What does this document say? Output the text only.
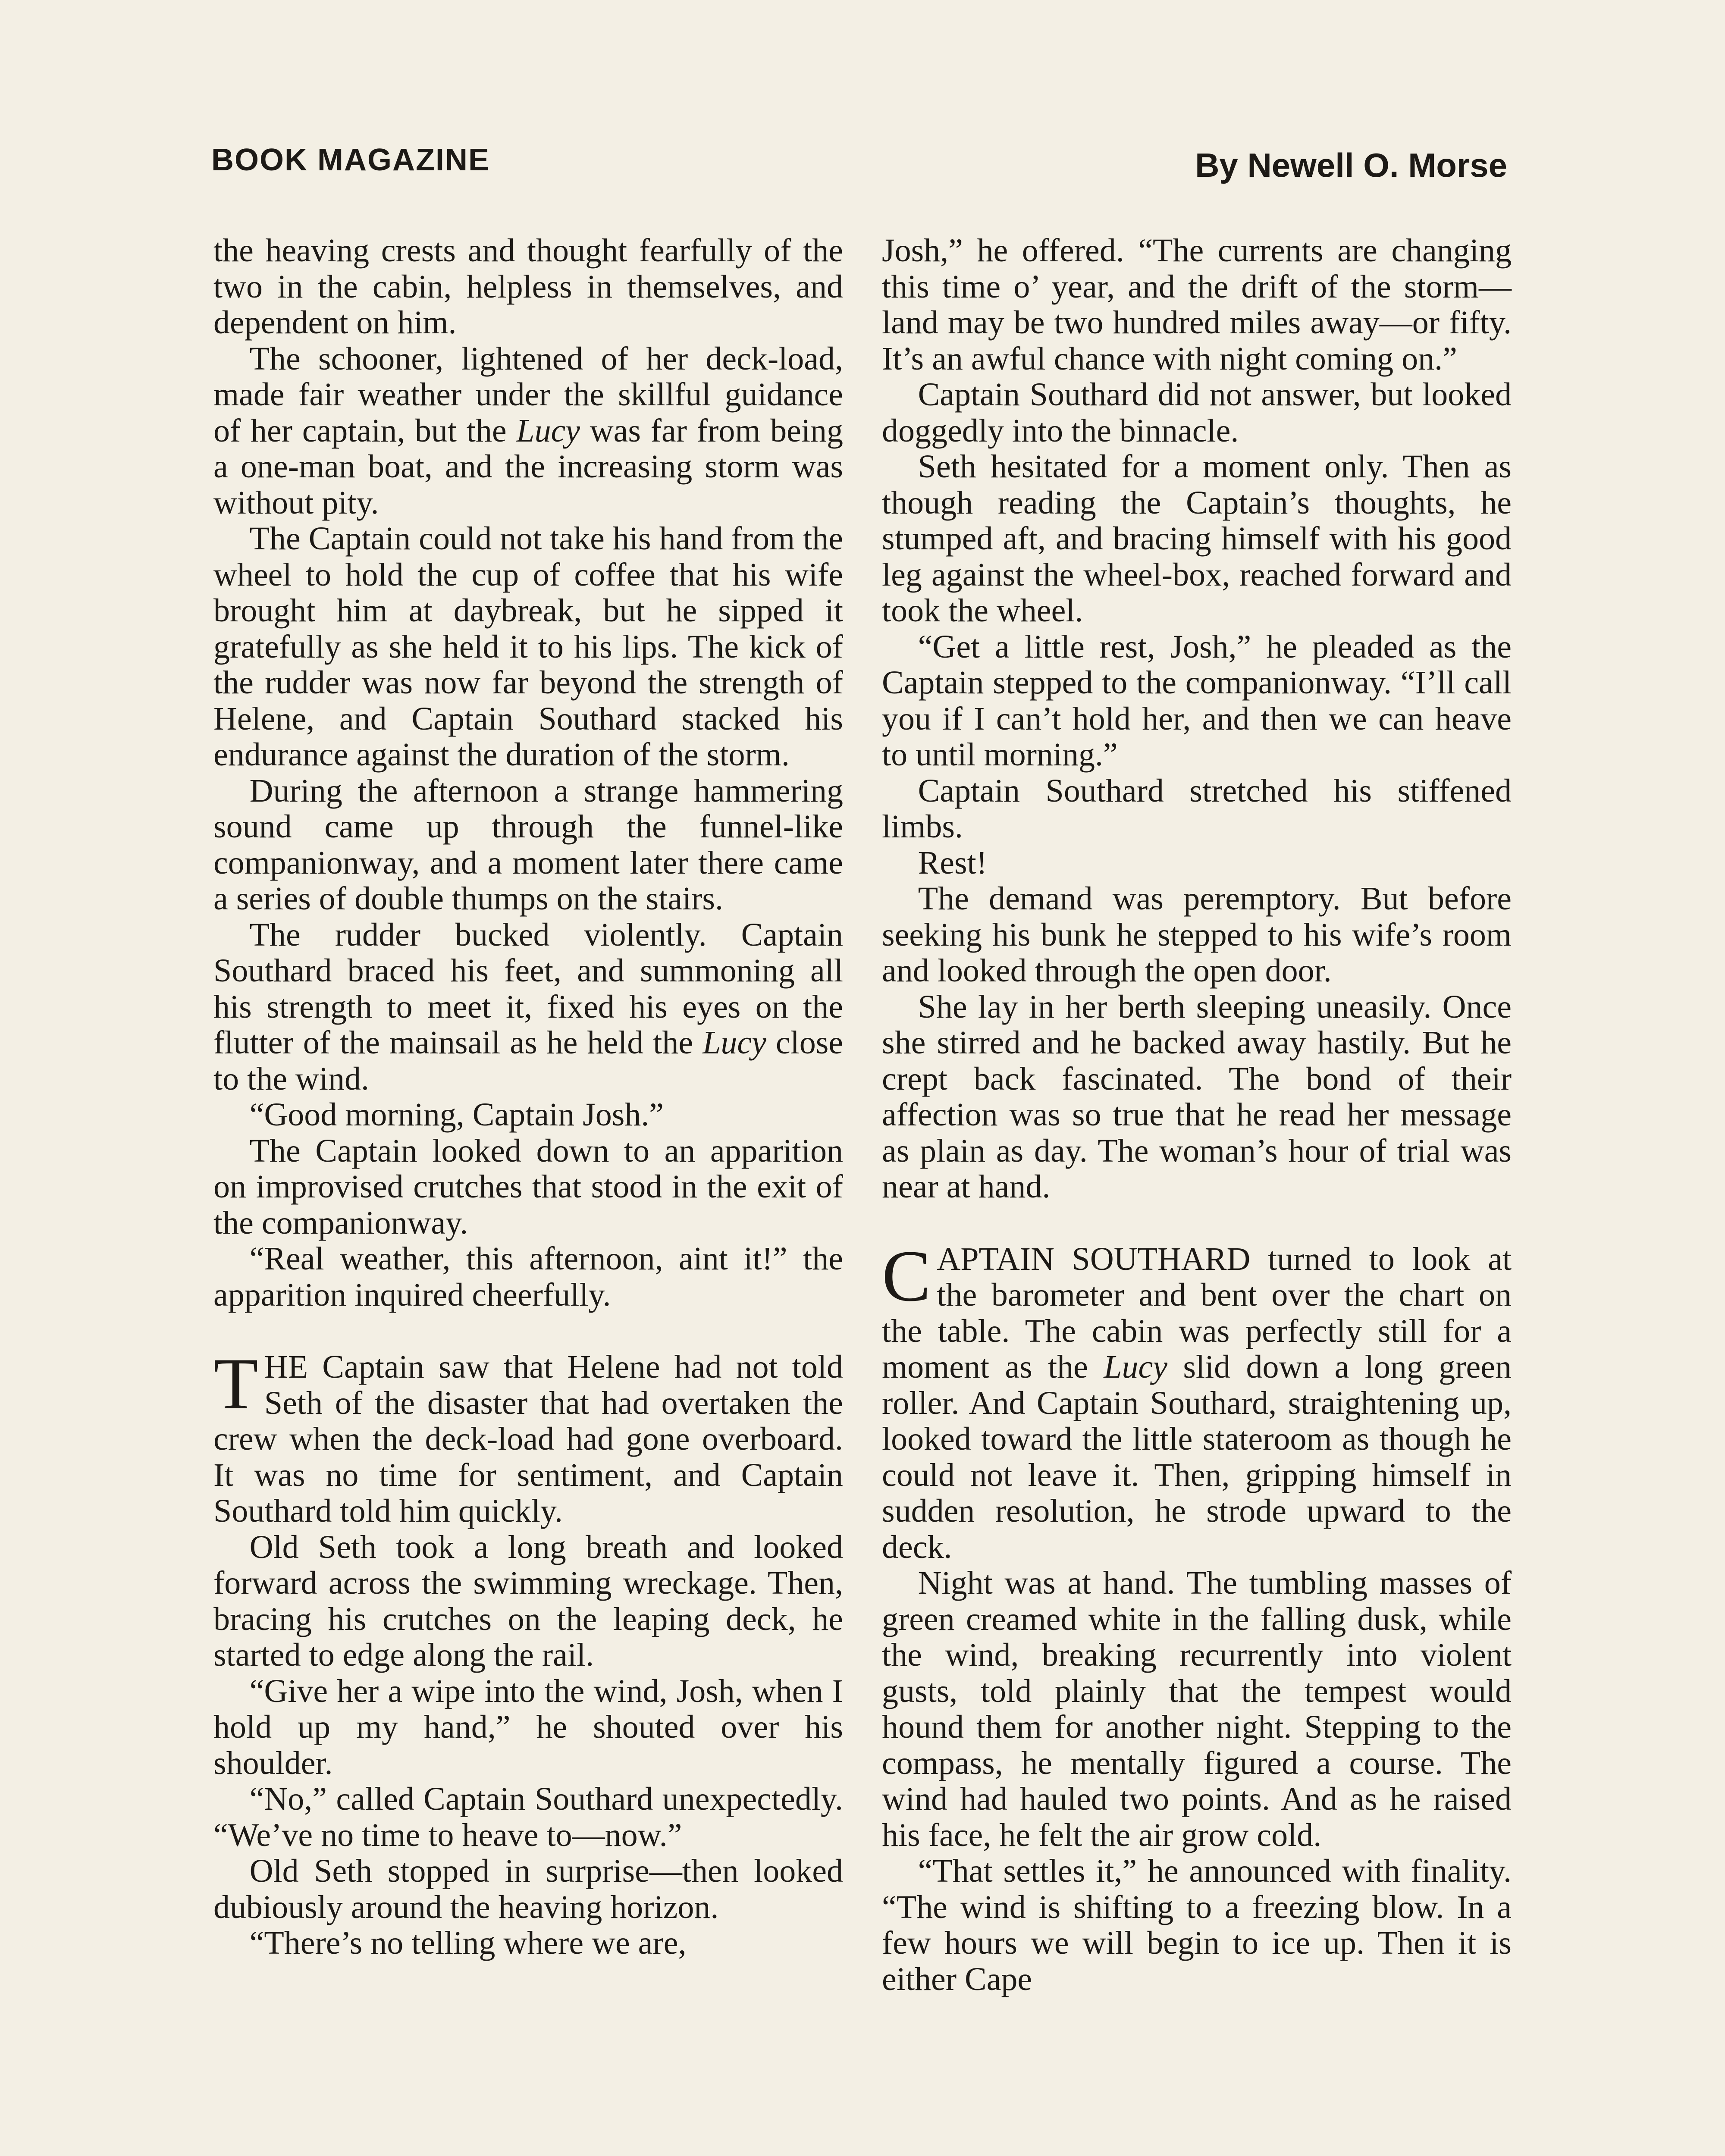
BOOK MAGAZINE	By Newell O. Morse

the heaving crests and thought fearfully of the two in the cabin, helpless in themselves, and dependent on him.

The schooner, lightened of her deck-load, made fair weather under the skillful guidance of her captain, but the Lucy was far from being a one-man boat, and the increasing storm was without pity.

The Captain could not take his hand from the wheel to hold the cup of coffee that his wife brought him at daybreak, but he sipped it gratefully as she held it to his lips. The kick of the rudder was now far beyond the strength of Helene, and Captain Southard stacked his endurance against the duration of the storm.

During the afternoon a strange hammering sound came up through the funnel-like companionway, and a moment later there came a series of double thumps on the stairs.

The rudder bucked violently. Captain Southard braced his feet, and summoning all his strength to meet it, fixed his eyes on the flutter of the mainsail as he held the Lucy close to the wind.

“Good morning, Captain Josh.”

The Captain looked down to an apparition on improvised crutches that stood in the exit of the companionway.

“Real weather, this afternoon, aint it!” the apparition inquired cheerfully.

THE Captain saw that Helene had not told Seth of the disaster that had overtaken the crew when the deck-load had gone overboard. It was no time for sentiment, and Captain Southard told him quickly.

Old Seth took a long breath and looked forward across the swimming wreckage. Then, bracing his crutches on the leaping deck, he started to edge along the rail.

“Give her a wipe into the wind, Josh, when I hold up my hand,” he shouted over his shoulder.

“No,” called Captain Southard unexpectedly. “We’ve no time to heave to—now.”

Old Seth stopped in surprise—then looked dubiously around the heaving horizon.

“There’s no telling where we are,

Josh,” he offered. “The currents are changing this time o’ year, and the drift of the storm—land may be two hundred miles away—or fifty. It’s an awful chance with night coming on.”

Captain Southard did not answer, but looked doggedly into the binnacle.

Seth hesitated for a moment only. Then as though reading the Captain’s thoughts, he stumped aft, and bracing himself with his good leg against the wheel-box, reached forward and took the wheel.

“Get a little rest, Josh,” he pleaded as the Captain stepped to the companionway. “I’ll call you if I can’t hold her, and then we can heave to until morning.”

Captain Southard stretched his stiffened limbs.

Rest!

The demand was peremptory. But before seeking his bunk he stepped to his wife’s room and looked through the open door.

She lay in her berth sleeping uneasily. Once she stirred and he backed away hastily. But he crept back fascinated. The bond of their affection was so true that he read her message as plain as day. The woman’s hour of trial was near at hand.

CAPTAIN SOUTHARD turned to look at the barometer and bent over the chart on the table. The cabin was perfectly still for a moment as the Lucy slid down a long green roller. And Captain Southard, straightening up, looked toward the little stateroom as though he could not leave it. Then, gripping himself in sudden resolution, he strode upward to the deck.

Night was at hand. The tumbling masses of green creamed white in the falling dusk, while the wind, breaking recurrently into violent gusts, told plainly that the tempest would hound them for another night. Stepping to the compass, he mentally figured a course. The wind had hauled two points. And as he raised his face, he felt the air grow cold.

“That settles it,” he announced with finality. “The wind is shifting to a freezing blow. In a few hours we will begin to ice up. Then it is either Cape
